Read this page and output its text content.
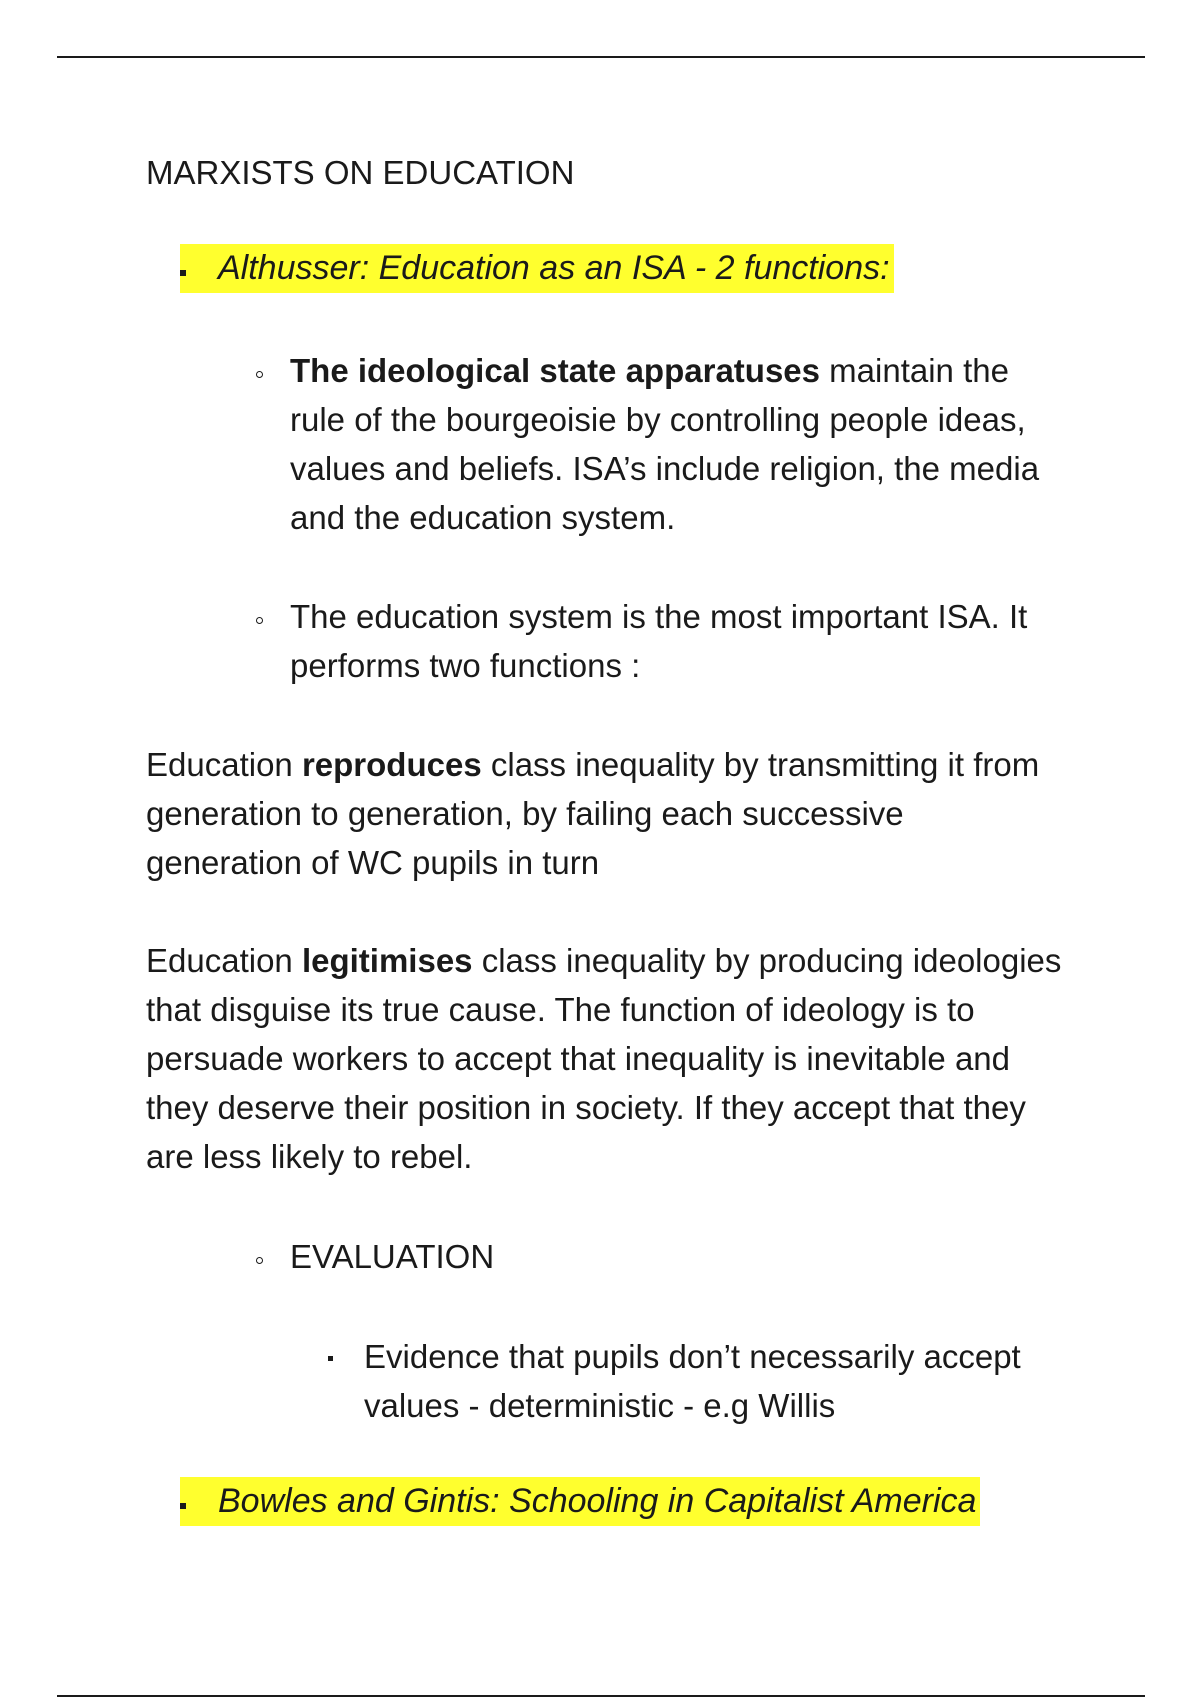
MARXISTS ON EDUCATION
Althusser: Education as an ISA - 2 functions:
The ideological state apparatuses maintain the rule of the bourgeoisie by controlling people ideas, values and beliefs. ISA’s include religion, the media and the education system.
The education system is the most important ISA. It performs two functions :
Education reproduces class inequality by transmitting it from generation to generation, by failing each successive generation of WC pupils in turn
Education legitimises class inequality by producing ideologies that disguise its true cause. The function of ideology is to persuade workers to accept that inequality is inevitable and they deserve their position in society. If they accept that they are less likely to rebel.
EVALUATION
Evidence that pupils don’t necessarily accept values - deterministic - e.g Willis
Bowles and Gintis: Schooling in Capitalist America
